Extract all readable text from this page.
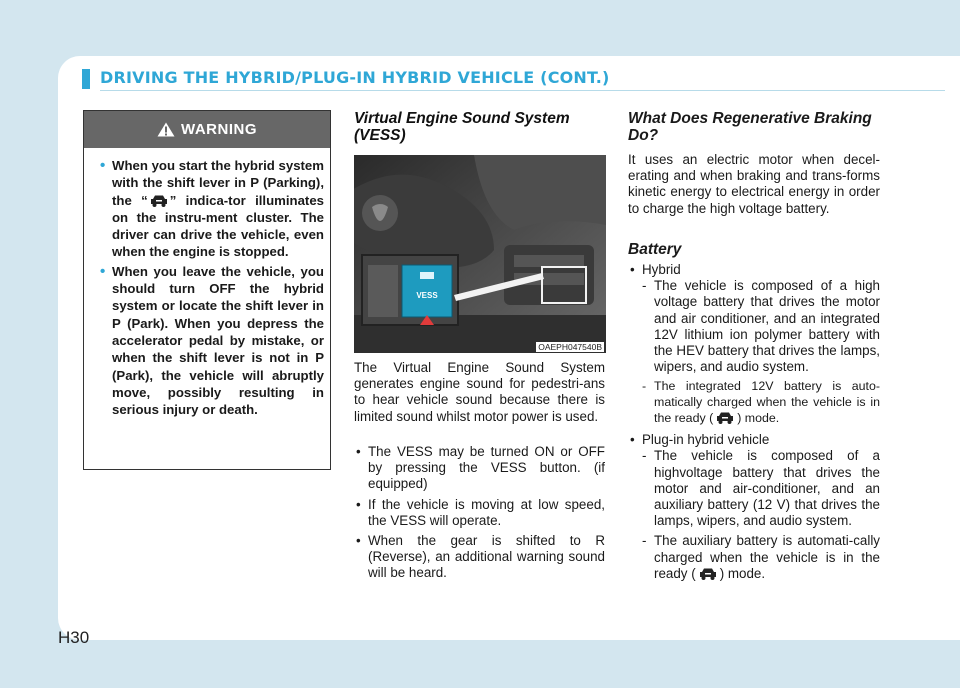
DRIVING THE HYBRID/PLUG-IN HYBRID VEHICLE (CONT.)
WARNING
• When you start the hybrid system with the shift lever in P (Parking), the “ ” indica-tor illuminates on the instru-ment cluster. The driver can drive the vehicle, even when the engine is stopped.
• When you leave the vehicle, you should turn OFF the hybrid system or locate the shift lever in P (Park). When you depress the accelerator pedal by mistake, or when the shift lever is not in P (Park), the vehicle will abruptly move, possibly resulting in serious injury or death.
Virtual Engine Sound System (VESS)
VESS
OAEPH047540B
The Virtual Engine Sound System generates engine sound for pedestri-ans to hear vehicle sound because there is limited sound whilst motor power is used.
• The VESS may be turned ON or OFF by pressing the VESS button. (if equipped)
• If the vehicle is moving at low speed, the VESS will operate.
• When the gear is shifted to R (Reverse), an additional warning sound will be heard.
What Does Regenerative Braking Do?
It uses an electric motor when decel-erating and when braking and trans-forms kinetic energy to electrical energy in order to charge the high voltage battery.
Battery
• Hybrid
- The vehicle is composed of a high voltage battery that drives the motor and air conditioner, and an integrated 12V lithium ion polymer battery with the HEV battery that drives the lamps, wipers, and audio system.
- The integrated 12V battery is auto-matically charged when the vehicle is in the ready ( ) mode.
• Plug-in hybrid vehicle
- The vehicle is composed of a highvoltage battery that drives the motor and air-conditioner, and an auxiliary battery (12 V) that drives the lamps, wipers, and audio system.
- The auxiliary battery is automati-cally charged when the vehicle is in the ready ( ) mode.
H30
